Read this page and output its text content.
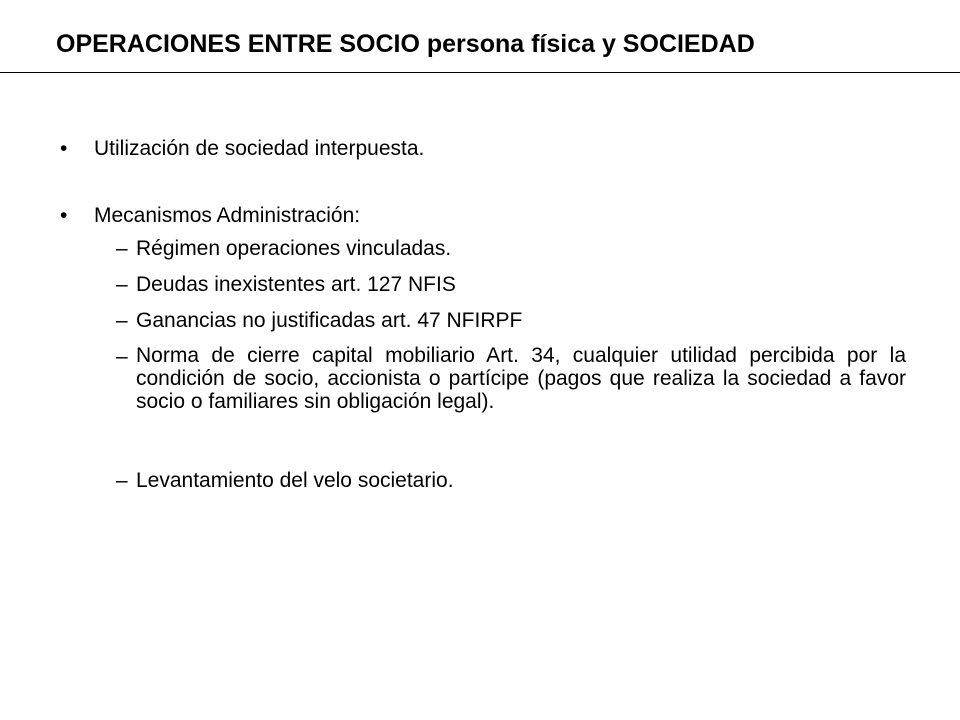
OPERACIONES ENTRE SOCIO persona física y SOCIEDAD
• Utilización de sociedad interpuesta.
• Mecanismos Administración:
– Régimen operaciones vinculadas.
– Deudas inexistentes art. 127 NFIS
– Ganancias no justificadas art. 47 NFIRPF
– Norma de cierre capital mobiliario Art. 34, cualquier utilidad percibida por la condición de socio, accionista o partícipe (pagos que realiza la sociedad a favor socio o familiares sin obligación legal).
– Levantamiento del velo societario.
